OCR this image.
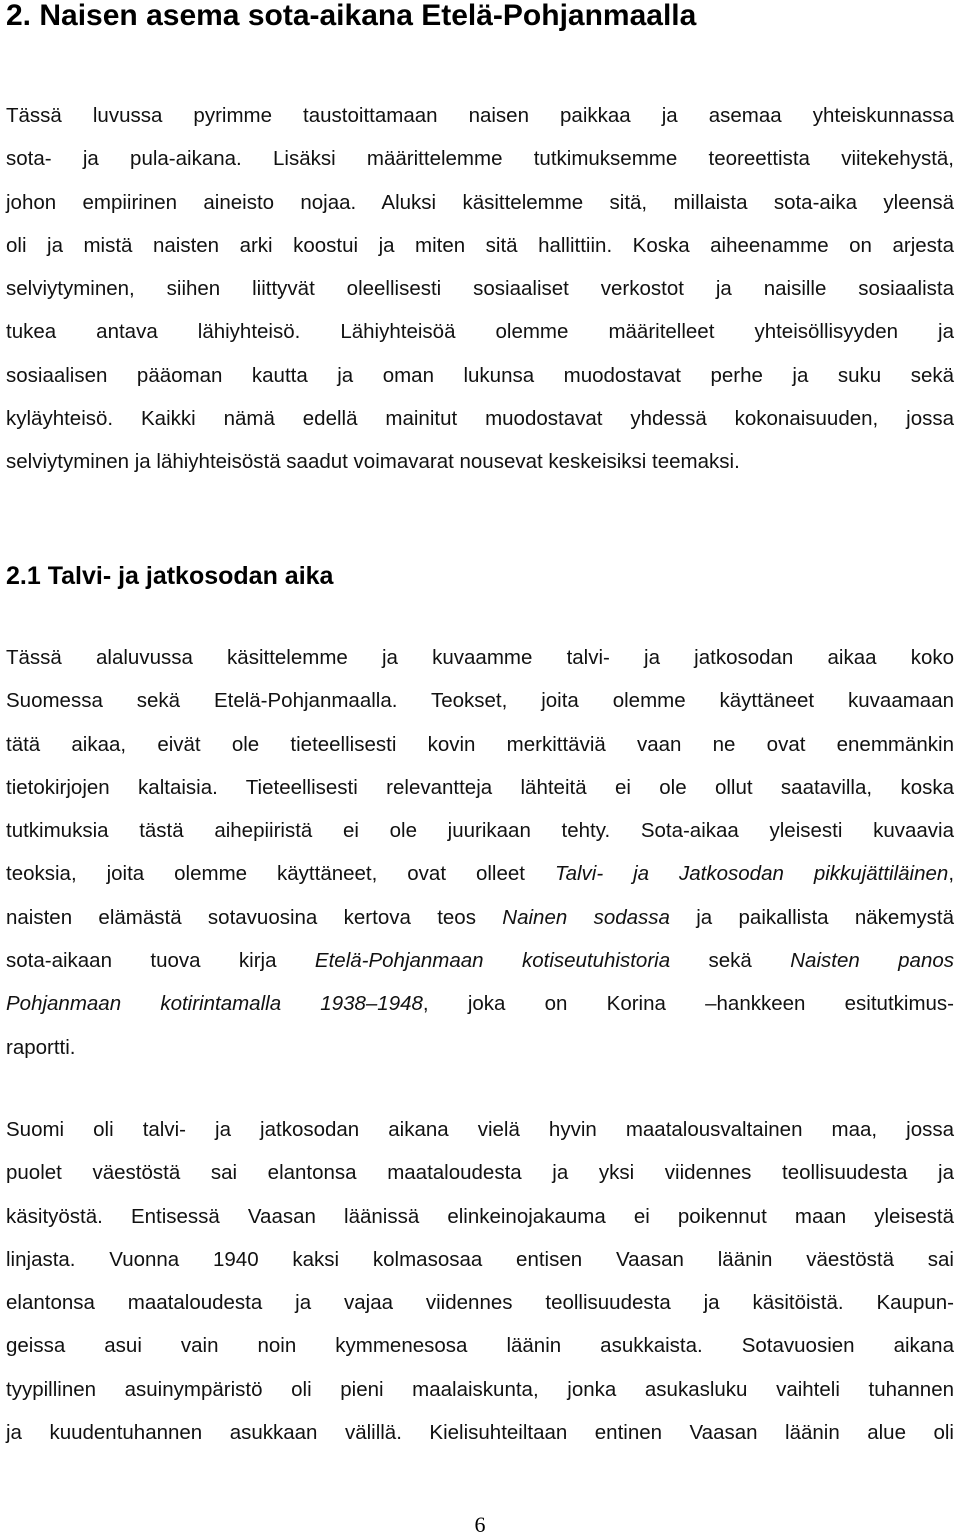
2. Naisen asema sota-aikana Etelä-Pohjanmaalla
Tässä luvussa pyrimme taustoittamaan naisen paikkaa ja asemaa yhteiskunnassa
sota- ja pula-aikana. Lisäksi määrittelemme tutkimuksemme teoreettista viitekehystä,
johon empiirinen aineisto nojaa. Aluksi käsittelemme sitä, millaista sota-aika yleensä
oli ja mistä naisten arki koostui ja miten sitä hallittiin. Koska aiheenamme on arjesta
selviytyminen, siihen liittyvät oleellisesti sosiaaliset verkostot ja naisille sosiaalista
tukea antava lähiyhteisö. Lähiyhteisöä olemme määritelleet yhteisöllisyyden ja
sosiaalisen pääoman kautta ja oman lukunsa muodostavat perhe ja suku sekä
kyläyhteisö. Kaikki nämä edellä mainitut muodostavat yhdessä kokonaisuuden, jossa
selviytyminen ja lähiyhteisöstä saadut voimavarat nousevat keskeisiksi teemaksi.
2.1 Talvi- ja jatkosodan aika
Tässä alaluvussa käsittelemme ja kuvaamme talvi- ja jatkosodan aikaa koko
Suomessa sekä Etelä-Pohjanmaalla. Teokset, joita olemme käyttäneet kuvaamaan
tätä aikaa, eivät ole tieteellisesti kovin merkittäviä vaan ne ovat enemmänkin
tietokirjojen kaltaisia. Tieteellisesti relevantteja lähteitä ei ole ollut saatavilla, koska
tutkimuksia tästä aihepiiristä ei ole juurikaan tehty. Sota-aikaa yleisesti kuvaavia
teoksia, joita olemme käyttäneet, ovat olleet Talvi- ja Jatkosodan pikkujättiläinen,
naisten elämästä sotavuosina kertova teos Nainen sodassa ja paikallista näkemystä
sota-aikaan tuova kirja Etelä-Pohjanmaan kotiseutuhistoria sekä Naisten panos
Pohjanmaan kotirintamalla 1938–1948, joka on Korina –hankkeen esitutkimus-
raportti.
Suomi oli talvi- ja jatkosodan aikana vielä hyvin maatalousvaltainen maa, jossa
puolet väestöstä sai elantonsa maataloudesta ja yksi viidennes teollisuudesta ja
käsityöstä. Entisessä Vaasan läänissä elinkeinojakauma ei poikennut maan yleisestä
linjasta. Vuonna 1940 kaksi kolmasosaa entisen Vaasan läänin väestöstä sai
elantonsa maataloudesta ja vajaa viidennes teollisuudesta ja käsitöistä. Kaupun-
geissa asui vain noin kymmenesosa läänin asukkaista. Sotavuosien aikana
tyypillinen asuinympäristö oli pieni maalaiskunta, jonka asukasluku vaihteli tuhannen
ja kuudentuhannen asukkaan välillä. Kielisuhteiltaan entinen Vaasan läänin alue oli
6
